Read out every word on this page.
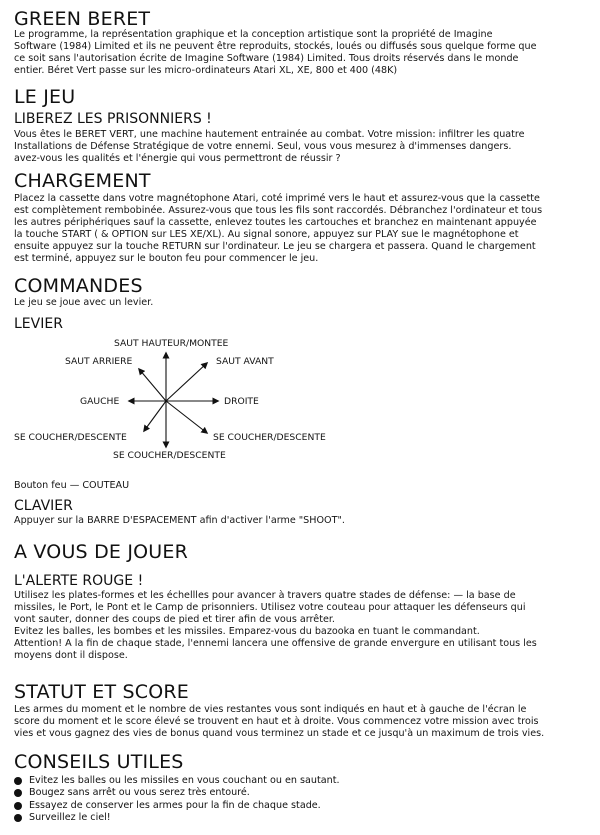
GREEN BERET

Le programme, la représentation graphique et la conception artistique sont la propriété de Imagine

Software (1984) Limited et ils ne peuvent être reproduits, stockés, loués ou diffusés sous quelque forme que

ce soit sans l'autorisation écrite de Imagine Software (1984) Limited. Tous droits réservés dans le monde

entier. Béret Vert passe sur les micro-ordinateurs Atari XL, XE, 800 et 400 (48K)

LE JEU
LIBEREZ LES PRISONNIERS !

Vous êtes le BERET VERT, une machine hautement entrainée au combat. Votre mission: infiltrer les quatre

Installations de Défense Stratégique de votre ennemi. Seul, vous vous mesurez à d'immenses dangers.

avez-vous les qualités et l'énergie qui vous permettront de réussir ?

CHARGEMENT

Placez la cassette dans votre magnétophone Atari, coté imprimé vers le haut et assurez-vous que la cassette

est complètement rembobinée. Assurez-vous que tous les fils sont raccordés. Débranchez l'ordinateur et tous

les autres périphériques sauf la cassette, enlevez toutes les cartouches et branchez en maintenant appuyée

la touche START ( & OPTION sur LES XE/XL). Au signal sonore, appuyez sur PLAY sue le magnétophone et

ensuite appuyez sur la touche RETURN sur l'ordinateur. Le jeu se chargera et passera. Quand le chargement

est terminé, appuyez sur le bouton feu pour commencer le jeu.

COMMANDES

Le jeu se joue avec un levier.

LEVIER
SAUT HAUTEUR/MONTEE
SAUT ARRIERE	SAUT AVANT
GAUCHE	DROITE
SE COUCHER/DESCENTE	SE COUCHER/DESCENTE
SE COUCHER/DESCENTE

Bouton feu — COUTEAU

CLAVIER

Appuyer sur la BARRE D'ESPACEMENT afin d'activer l'arme "SHOOT".

A VOUS DE JOUER
L'ALERTE ROUGE !

Utilisez les plates-formes et les échellles pour avancer à travers quatre stades de défense: — la base de

missiles, le Port, le Pont et le Camp de prisonniers. Utilisez votre couteau pour attaquer les défenseurs qui

vont sauter, donner des coups de pied et tirer afin de vous arrêter.

Evitez les balles, les bombes et les missiles. Emparez-vous du bazooka en tuant le commandant.

Attention! A la fin de chaque stade, l'ennemi lancera une offensive de grande envergure en utilisant tous les

moyens dont il dispose.

STATUT ET SCORE

Les armes du moment et le nombre de vies restantes vous sont indiqués en haut et à gauche de l'écran le

score du moment et le score élevé se trouvent en haut et à droite. Vous commencez votre mission avec trois

vies et vous gagnez des vies de bonus quand vous terminez un stade et ce jusqu'à un maximum de trois vies.

CONSEILS UTILES
Evitez les balles ou les missiles en vous couchant ou en sautant.
Bougez sans arrêt ou vous serez très entouré.
Essayez de conserver les armes pour la fin de chaque stade.
Surveillez le ciel!
